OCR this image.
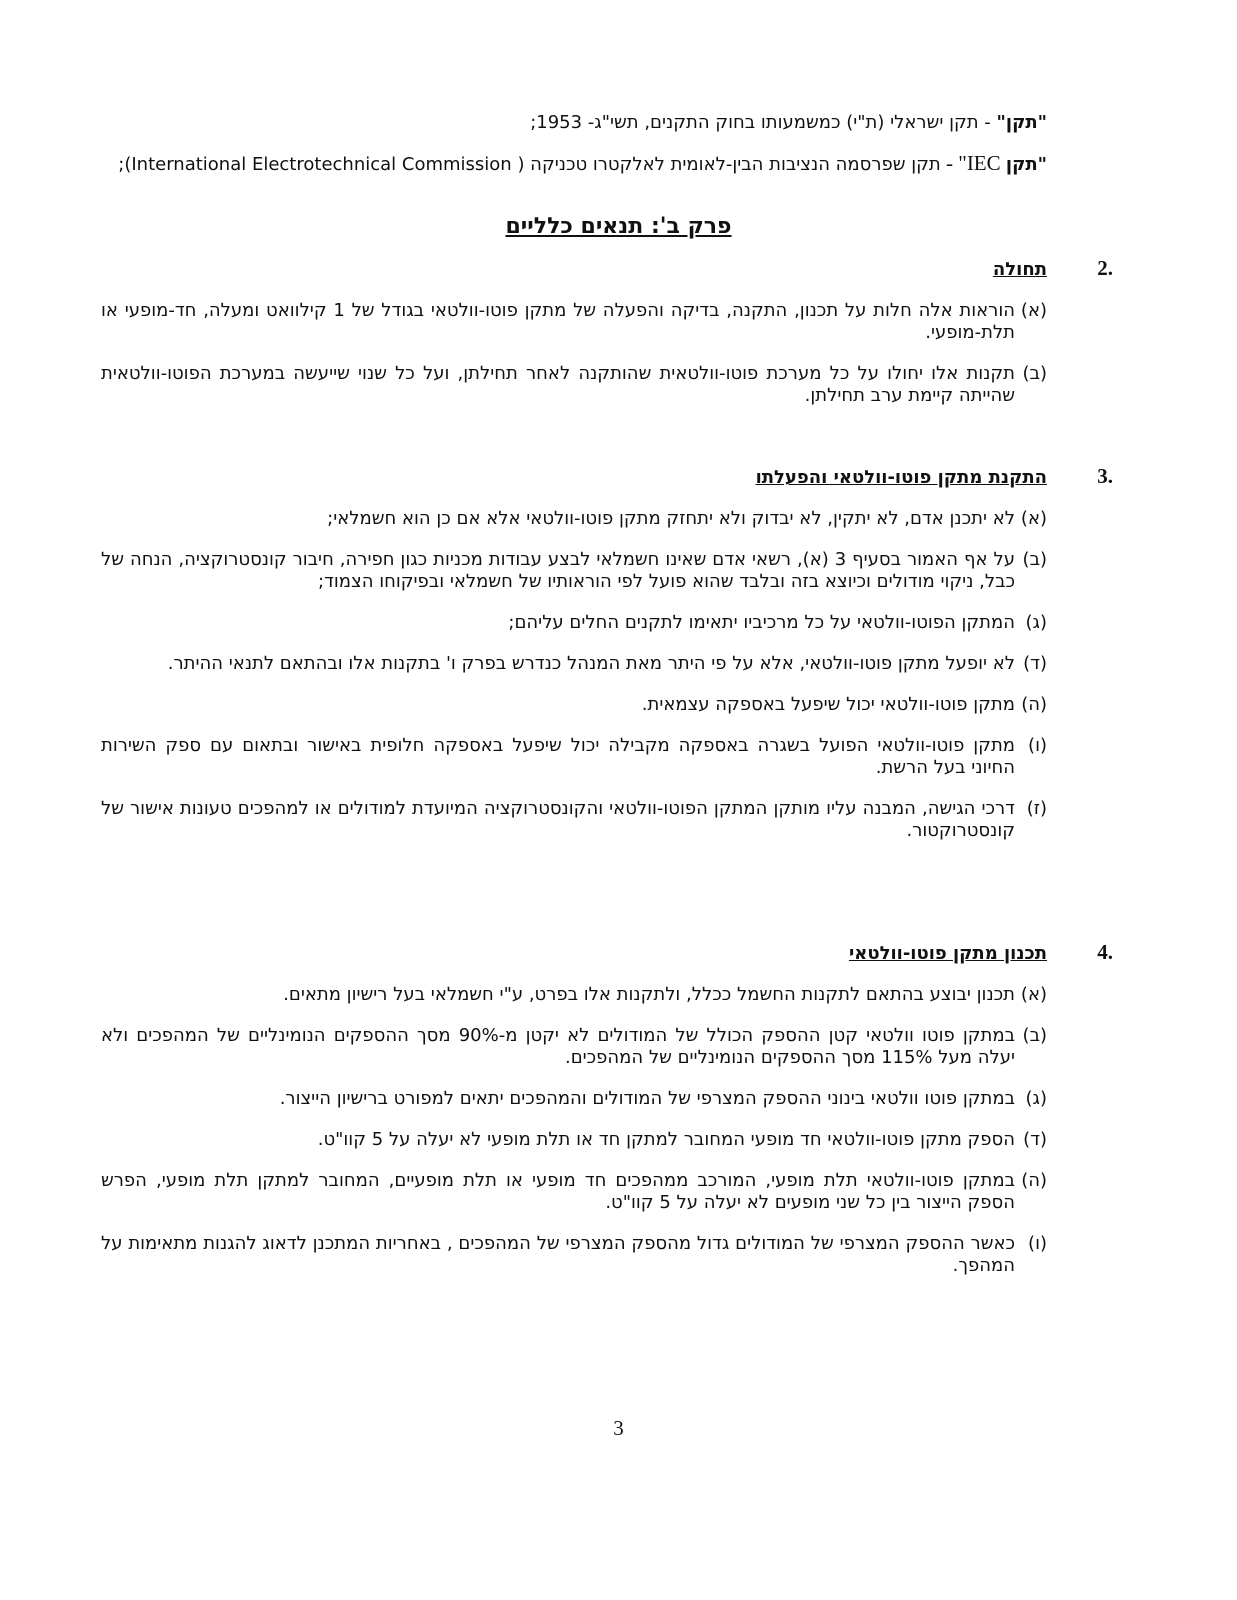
"תקן" - תקן ישראלי (ת"י) כמשמעותו בחוק התקנים, תשי"ג- 1953;

"תקן IEC" - תקן שפרסמה הנציבות הבין-לאומית לאלקטרו טכניקה ( International Electrotechnical Commission);

פרק ב': תנאים כלליים
2.
תחולה
(א)
הוראות אלה חלות על תכנון, התקנה, בדיקה והפעלה של מתקן פוטו-וולטאי בגודל של 1 קילוואט ומעלה, חד-מופעי או תלת-מופעי.
(ב)
תקנות אלו יחולו על כל מערכת פוטו-וולטאית שהותקנה לאחר תחילתן, ועל כל שנוי שייעשה במערכת הפוטו-וולטאית שהייתה קיימת ערב תחילתן.
3.
התקנת מתקן פוטו-וולטאי והפעלתו
(א)
לא יתכנן אדם, לא יתקין, לא יבדוק ולא יתחזק מתקן פוטו-וולטאי אלא אם כן הוא חשמלאי;
(ב)
על אף האמור בסעיף 3 (א), רשאי אדם שאינו חשמלאי לבצע עבודות מכניות כגון חפירה, חיבור קונסטרוקציה, הנחה של כבל, ניקוי מודולים וכיוצא בזה ובלבד שהוא פועל לפי הוראותיו של חשמלאי ובפיקוחו הצמוד;
(ג)
המתקן הפוטו-וולטאי על כל מרכיביו יתאימו לתקנים החלים עליהם;
(ד)
לא יופעל מתקן פוטו-וולטאי, אלא על פי היתר מאת המנהל כנדרש בפרק ו' בתקנות אלו ובהתאם לתנאי ההיתר.
(ה)
מתקן פוטו-וולטאי יכול שיפעל באספקה עצמאית.
(ו)
מתקן פוטו-וולטאי הפועל בשגרה באספקה מקבילה יכול שיפעל באספקה חלופית באישור ובתאום עם ספק השירות החיוני בעל הרשת.
(ז)
דרכי הגישה, המבנה עליו מותקן המתקן הפוטו-וולטאי והקונסטרוקציה המיועדת למודולים או למהפכים טעונות אישור של קונסטרוקטור.
4.
תכנון מתקן פוטו-וולטאי
(א)
תכנון יבוצע בהתאם לתקנות החשמל ככלל, ולתקנות אלו בפרט, ע"י חשמלאי בעל רישיון מתאים.
(ב)
במתקן פוטו וולטאי קטן ההספק הכולל של המודולים לא יקטן מ-90% מסך ההספקים הנומינליים של המהפכים ולא יעלה מעל 115% מסך ההספקים הנומינליים של המהפכים.
(ג)
במתקן פוטו וולטאי בינוני ההספק המצרפי של המודולים והמהפכים יתאים למפורט ברישיון הייצור.
(ד)
הספק מתקן פוטו-וולטאי חד מופעי המחובר למתקן חד או תלת מופעי לא יעלה על 5 קוו"ט.
(ה)
במתקן פוטו-וולטאי תלת מופעי, המורכב ממהפכים חד מופעי או תלת מופעיים, המחובר למתקן תלת מופעי, הפרש הספק הייצור בין כל שני מופעים לא יעלה על 5 קוו"ט.
(ו)
כאשר ההספק המצרפי של המודולים גדול מהספק המצרפי של המהפכים , באחריות המתכנן לדאוג להגנות מתאימות על המהפך.

3
